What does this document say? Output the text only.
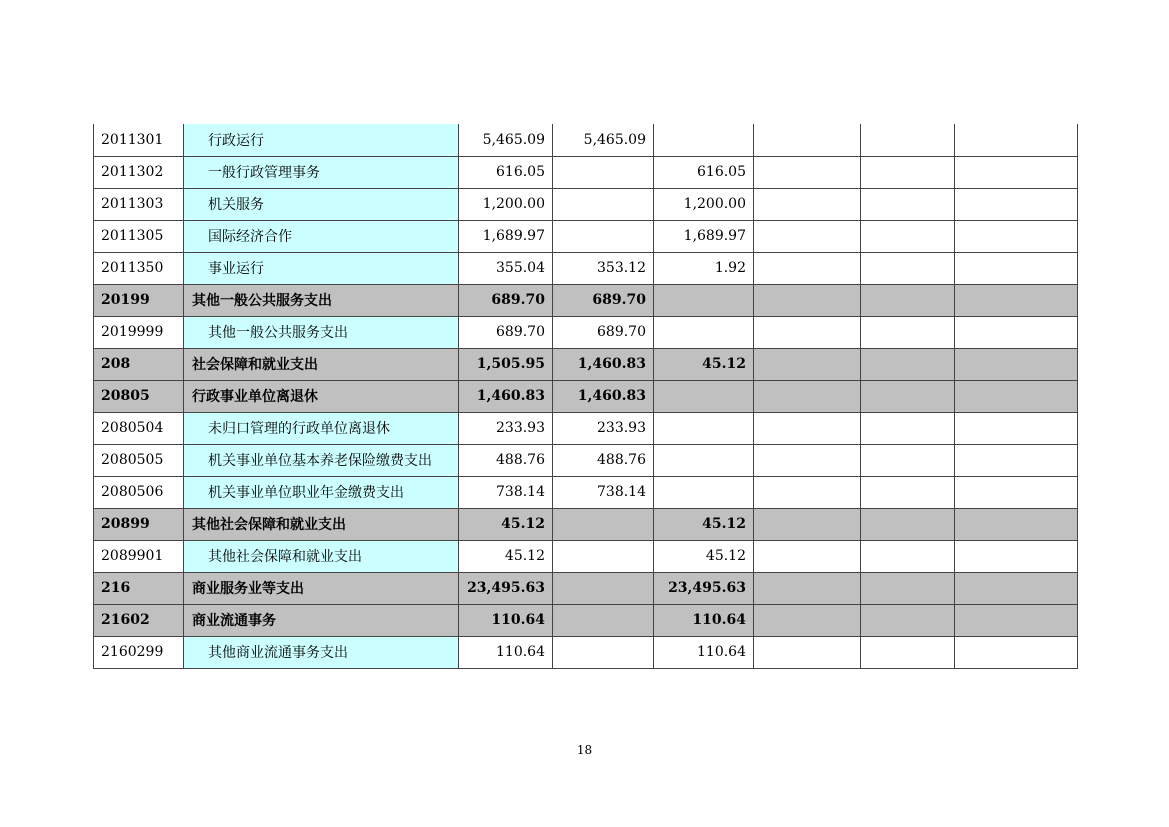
2011301	行政运行	5,465.09	5,465.09				
2011302	一般行政管理事务	616.05		616.05			
2011303	机关服务	1,200.00		1,200.00			
2011305	国际经济合作	1,689.97		1,689.97			
2011350	事业运行	355.04	353.12	1.92			
20199	其他一般公共服务支出	689.70	689.70				
2019999	其他一般公共服务支出	689.70	689.70				
208	社会保障和就业支出	1,505.95	1,460.83	45.12			
20805	行政事业单位离退休	1,460.83	1,460.83				
2080504	未归口管理的行政单位离退休	233.93	233.93				
2080505	机关事业单位基本养老保险缴费支出	488.76	488.76				
2080506	机关事业单位职业年金缴费支出	738.14	738.14				
20899	其他社会保障和就业支出	45.12		45.12			
2089901	其他社会保障和就业支出	45.12		45.12			
216	商业服务业等支出	23,495.63		23,495.63			
21602	商业流通事务	110.64		110.64			
2160299	其他商业流通事务支出	110.64		110.64			
18
